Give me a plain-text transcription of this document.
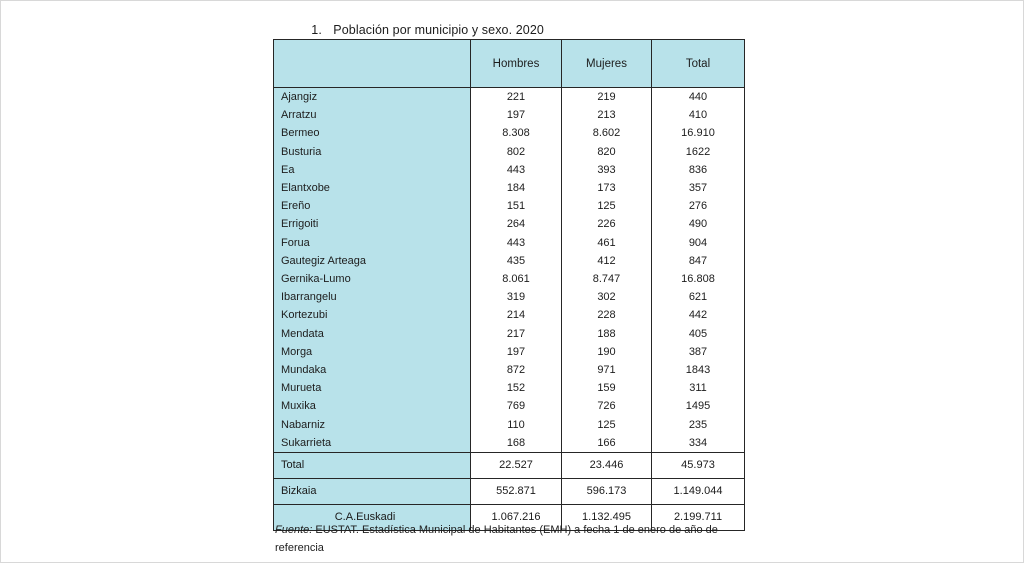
1. Población por municipio y sexo. 2020

	Hombres	Mujeres	Total
Ajangiz	221	219	440
Arratzu	197	213	410
Bermeo	8.308	8.602	16.910
Busturia	802	820	1622
Ea	443	393	836
Elantxobe	184	173	357
Ereño	151	125	276
Errigoiti	264	226	490
Forua	443	461	904
Gautegiz Arteaga	435	412	847
Gernika-Lumo	8.061	8.747	16.808
Ibarrangelu	319	302	621
Kortezubi	214	228	442
Mendata	217	188	405
Morga	197	190	387
Mundaka	872	971	1843
Murueta	152	159	311
Muxika	769	726	1495
Nabarniz	110	125	235
Sukarrieta	168	166	334
Total	22.527	23.446	45.973
Bizkaia	552.871	596.173	1.149.044
C.A.Euskadi	1.067.216	1.132.495	2.199.711
Fuente: EUSTAT. Estadística Municipal de Habitantes (EMH) a fecha 1 de enero de año de referencia
